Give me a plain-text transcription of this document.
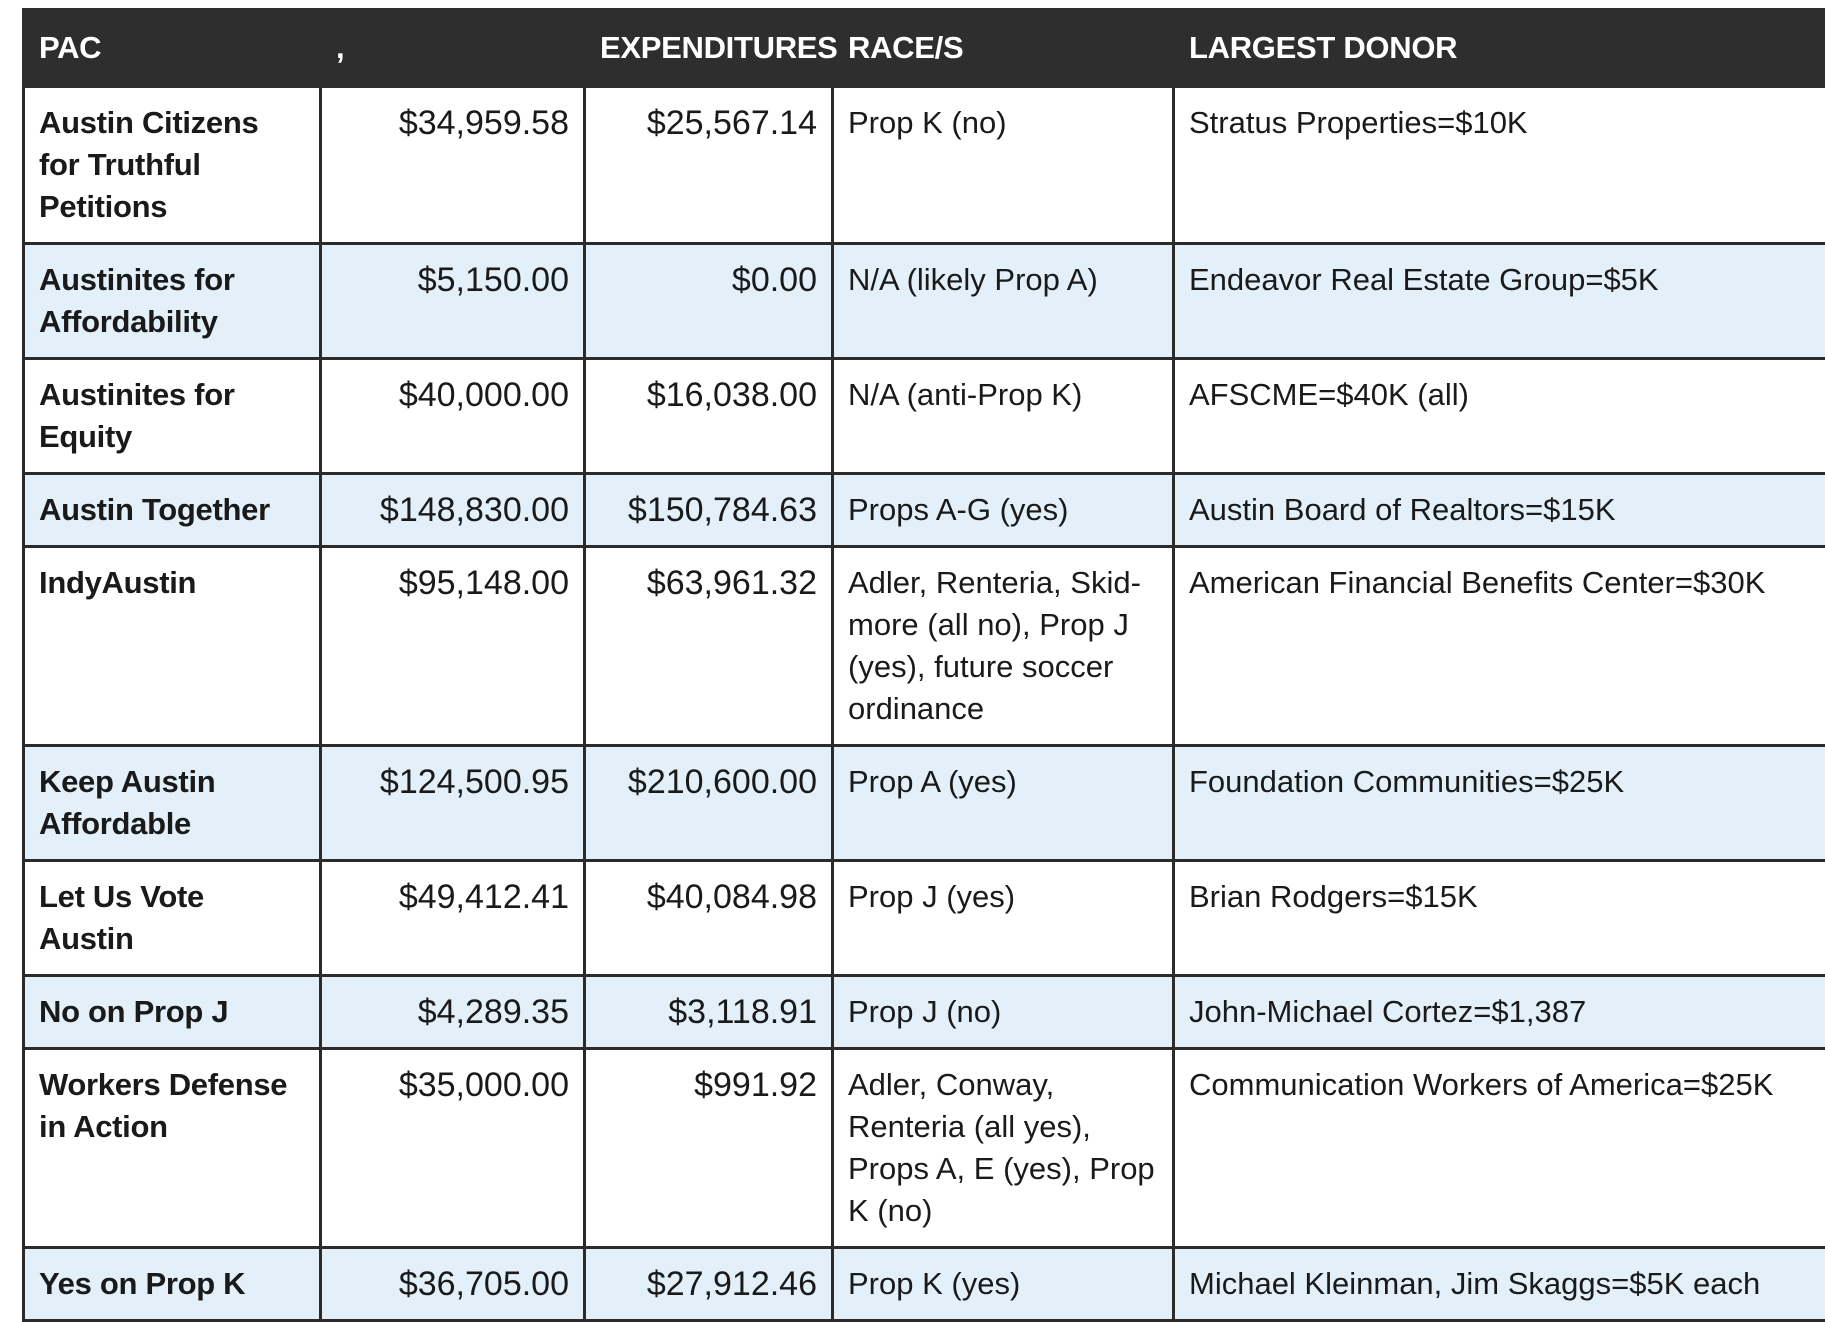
PAC	,	EXPENDITURES	RACE/S	LARGEST DONOR
Austin Citizens for Truthful Petitions	$34,959.58	$25,567.14	Prop K (no)	Stratus Properties=$10K
Austinites for Affordability	$5,150.00	$0.00	N/A (likely Prop A)	Endeavor Real Estate Group=$5K
Austinites for Equity	$40,000.00	$16,038.00	N/A (anti-Prop K)	AFSCME=$40K (all)
Austin Together	$148,830.00	$150,784.63	Props A-G (yes)	Austin Board of Realtors=$15K
IndyAustin	$95,148.00	$63,961.32	Adler, Renteria, Skid-more (all no), Prop J (yes), future soccer ordinance	American Financial Benefits Center=$30K
Keep Austin Affordable	$124,500.95	$210,600.00	Prop A (yes)	Foundation Communities=$25K
Let Us Vote Austin	$49,412.41	$40,084.98	Prop J (yes)	Brian Rodgers=$15K
No on Prop J	$4,289.35	$3,118.91	Prop J (no)	John-Michael Cortez=$1,387
Workers Defense in Action	$35,000.00	$991.92	Adler, Conway, Renteria (all yes), Props A, E (yes), Prop K (no)	Communication Workers of America=$25K
Yes on Prop K	$36,705.00	$27,912.46	Prop K (yes)	Michael Kleinman, Jim Skaggs=$5K each
